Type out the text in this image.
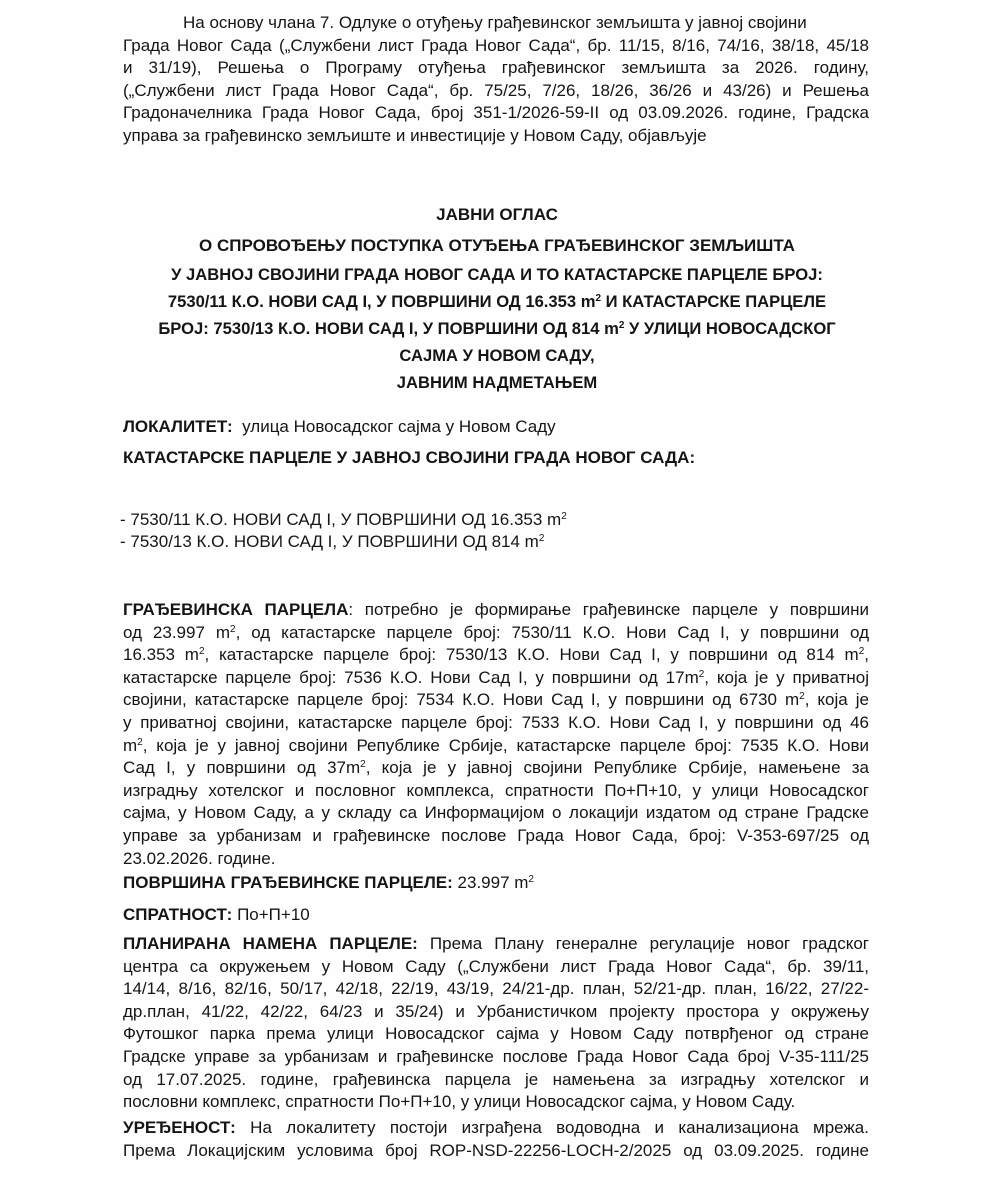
На основу члана 7. Одлуке о отуђењу грађевинског земљишта у јавној својини

Града Новог Сада („Службени лист Града Новог Сада“, бр. 11/15, 8/16, 74/16, 38/18, 45/18

и 31/19), Решења о Програму отуђења грађевинског земљишта за 2026. годину,

(„Службени лист Града Новог Сада“, бр. 75/25, 7/26, 18/26, 36/26 и 43/26) и Решења

Градоначелника Града Новог Сада, број 351-1/2026-59-II од 03.09.2026. године, Градска

управа за грађевинско земљиште и инвестиције у Новом Саду, објављује

ЈАВНИ ОГЛАС

О СПРОВОЂЕЊУ ПОСТУПКА ОТУЂЕЊА ГРАЂЕВИНСКОГ ЗЕМЉИШТА

У ЈАВНОЈ СВОЈИНИ ГРАДА НОВОГ САДА И ТО КАТАСТАРСКЕ ПАРЦЕЛЕ БРОЈ:

7530/11 К.О. НОВИ САД I, У ПОВРШИНИ ОД 16.353 $m^2$ И КАТАСТАРСКЕ ПАРЦЕЛЕ

БРОЈ: 7530/13 К.О. НОВИ САД I, У ПОВРШИНИ ОД 814 $m^2$ У УЛИЦИ НОВОСАДСКОГ

САЈМА У НОВОМ САДУ,

ЈАВНИМ НАДМЕТАЊЕМ

ЛОКАЛИТЕТ: улица Новосадског сајма у Новом Саду

КАТАСТАРСКЕ ПАРЦЕЛЕ У ЈАВНОЈ СВОЈИНИ ГРАДА НОВОГ САДА:

- 7530/11 К.О. НОВИ САД I, У ПОВРШИНИ ОД 16.353 $m^2$

- 7530/13 К.О. НОВИ САД I, У ПОВРШИНИ ОД 814 $m^2$

ГРАЂЕВИНСКА ПАРЦЕЛА: потребно је формирање грађевинске парцеле у површини

од 23.997 $m^2$, од катастарске парцеле број: 7530/11 К.О. Нови Сад I, у површини од

16.353 $m^2$, катастарске парцеле број: 7530/13 К.О. Нови Сад I, у површини од 814 $m^2$,

катастарске парцеле број: 7536 К.О. Нови Сад I, у површини од $17m^2$, која је у приватној

својини, катастарске парцеле број: 7534 К.О. Нови Сад I, у површини од 6730 $m^2$, која је

у приватној својини, катастарске парцеле број: 7533 К.О. Нови Сад I, у површини од 46

$m^2$, која је у јавној својини Републике Србије, катастарске парцеле број: 7535 К.О. Нови

Сад I, у површини од $37m^2$, која је у јавној својини Републике Србије, намењене за

изградњу хотелског и пословног комплекса, спратности По+П+10, у улици Новосадског

сајма, у Новом Саду, а у складу са Информацијом о локацији издатом од стране Градске

управе за урбанизам и грађевинске послове Града Новог Сада, број: V-353-697/25 од

23.02.2026. године.

ПОВРШИНА ГРАЂЕВИНСКЕ ПАРЦЕЛЕ: 23.997 $m^2$

СПРАТНОСТ: По+П+10

ПЛАНИРАНА НАМЕНА ПАРЦЕЛЕ: Према Плану генералне регулације новог градског

центра са окружењем у Новом Саду („Службени лист Града Новог Сада“, бр. 39/11,

14/14, 8/16, 82/16, 50/17, 42/18, 22/19, 43/19, 24/21-др. план, 52/21-др. план, 16/22, 27/22-

др.план, 41/22, 42/22, 64/23 и 35/24) и Урбанистичком пројекту простора у окружењу

Футошког парка према улици Новосадског сајма у Новом Саду потврђеног од стране

Градске управе за урбанизам и грађевинске послове Града Новог Сада број V-35-111/25

од 17.07.2025. године, грађевинска парцела је намењена за изградњу хотелског и

пословни комплекс, спратности По+П+10, у улици Новосадског сајма, у Новом Саду.

УРЕЂЕНОСТ: На локалитету постоји изграђена водоводна и канализациона мрежа.

Према Локацијским условима број ROP-NSD-22256-LOCH-2/2025 од 03.09.2025. године
